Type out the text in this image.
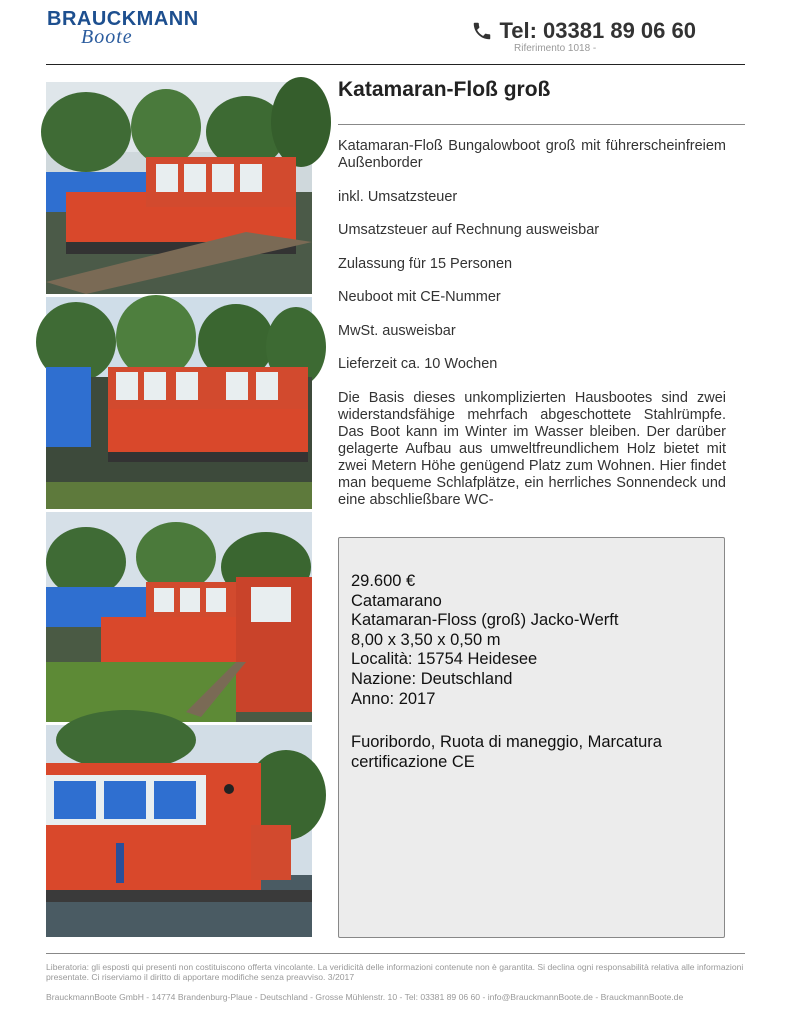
BRAUCKMANN
Boote	Tel: 03381 89 06 60
Riferimento 1018 -
Katamaran-Floß groß

Katamaran-Floß Bungalowboot groß mit führerscheinfreiem Außenborder

inkl. Umsatzsteuer

Umsatzsteuer auf Rechnung ausweisbar

Zulassung für 15 Personen

Neuboot mit CE-Nummer

MwSt. ausweisbar

Lieferzeit ca. 10 Wochen

Die Basis dieses unkomplizierten Hausbootes sind zwei widerstandsfähige mehrfach abgeschottete Stahlrümpfe. Das Boot kann im Winter im Wasser bleiben. Der darüber gelagerte Aufbau aus umweltfreundlichem Holz bietet mit zwei Metern Höhe genügend Platz zum Wohnen. Hier findet man bequeme Schlafplätze, ein herrliches Sonnendeck und eine abschließbare WC-

29.600 €
Catamarano
Katamaran-Floss (groß) Jacko-Werft
8,00 x 3,50 x 0,50 m
Località: 15754 Heidesee
Nazione: Deutschland
Anno: 2017
Fuoribordo, Ruota di maneggio, Marcatura certificazione CE
Liberatoria: gli esposti qui presenti non costituiscono offerta vincolante. La veridicità delle informazioni contenute non è garantita. Si declina ogni responsabilità relativa alle informazioni presentate. Ci riserviamo il diritto di apportare modifiche senza preavviso. 3/2017
BrauckmannBoote GmbH - 14774 Brandenburg-Plaue - Deutschland - Grosse Mühlenstr. 10 - Tel: 03381 89 06 60 - info@BrauckmannBoote.de - BrauckmannBoote.de
